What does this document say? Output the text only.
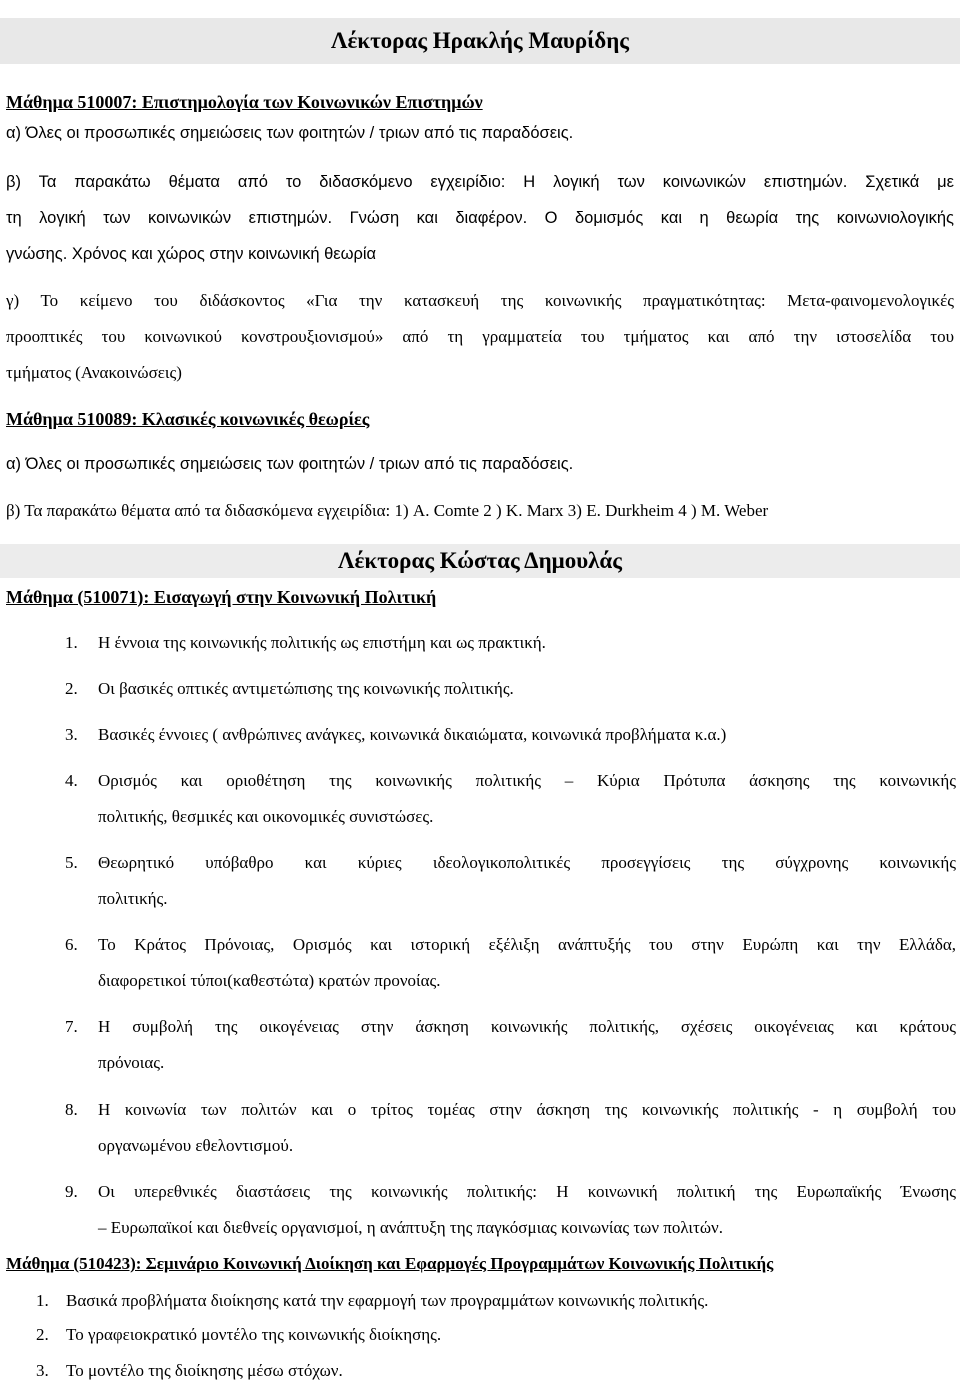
Λέκτορας Ηρακλής Μαυρίδης
Μάθημα 510007: Επιστημολογία των Κοινωνικών Επιστημών
α) Όλες οι προσωπικές σημειώσεις των φοιτητών / τριων από τις παραδόσεις.
β) Τα παρακάτω θέματα από το διδασκόμενο εγχειρίδιο: Η λογική των κοινωνικών επιστημών. Σχετικά με
τη λογική των κοινωνικών επιστημών. Γνώση και διαφέρον. Ο δομισμός και η θεωρία της κοινωνιολογικής
γνώσης. Χρόνος και χώρος στην κοινωνική θεωρία
γ) Το κείμενο του διδάσκοντος «Για την κατασκευή της κοινωνικής πραγματικότητας: Μετα-φαινομενολογικές
προοπτικές του κοινωνικού κονστρουξιονισμού» από τη γραμματεία του τμήματος και από την ιστοσελίδα του
τμήματος (Ανακοινώσεις)
Μάθημα 510089: Κλασικές κοινωνικές θεωρίες
α) Όλες οι προσωπικές σημειώσεις των φοιτητών / τριων από τις παραδόσεις.
β) Τα παρακάτω θέματα από τα διδασκόμενα εγχειρίδια: 1) A. Comte 2 ) K. Marx 3) E. Durkheim 4 ) M. Weber
Λέκτορας Κώστας Δημουλάς
Μάθημα (510071): Εισαγωγή στην Κοινωνική Πολιτική
1. Η έννοια της κοινωνικής πολιτικής ως επιστήμη και ως πρακτική.
2. Οι βασικές οπτικές αντιμετώπισης της κοινωνικής πολιτικής.
3. Βασικές έννοιες ( ανθρώπινες ανάγκες, κοινωνικά δικαιώματα, κοινωνικά προβλήματα κ.α.)
4. Ορισμός και οριοθέτηση της κοινωνικής πολιτικής – Κύρια Πρότυπα άσκησης της κοινωνικής
πολιτικής, θεσμικές και οικονομικές συνιστώσες.
5. Θεωρητικό υπόβαθρο και κύριες ιδεολογικοπολιτικές προσεγγίσεις της σύγχρονης κοινωνικής
πολιτικής.
6. Το Κράτος Πρόνοιας, Ορισμός και ιστορική εξέλιξη ανάπτυξής του στην Ευρώπη και την Ελλάδα,
διαφορετικοί τύποι(καθεστώτα) κρατών προνοίας.
7. Η συμβολή της οικογένειας στην άσκηση κοινωνικής πολιτικής, σχέσεις οικογένειας και κράτους
πρόνοιας.
8. Η κοινωνία των πολιτών και ο τρίτος τομέας στην άσκηση της κοινωνικής πολιτικής - η συμβολή του
οργανωμένου εθελοντισμού.
9. Οι υπερεθνικές διαστάσεις της κοινωνικής πολιτικής: Η κοινωνική πολιτική της Ευρωπαϊκής Ένωσης
– Ευρωπαϊκοί και διεθνείς οργανισμοί, η ανάπτυξη της παγκόσμιας κοινωνίας των πολιτών.
Μάθημα (510423): Σεμινάριο Κοινωνική Διοίκηση και Εφαρμογές Προγραμμάτων Κοινωνικής Πολιτικής
1. Βασικά προβλήματα διοίκησης κατά την εφαρμογή των προγραμμάτων κοινωνικής πολιτικής.
2. Το γραφειοκρατικό μοντέλο της κοινωνικής διοίκησης.
3. Το μοντέλο της διοίκησης μέσω στόχων.
